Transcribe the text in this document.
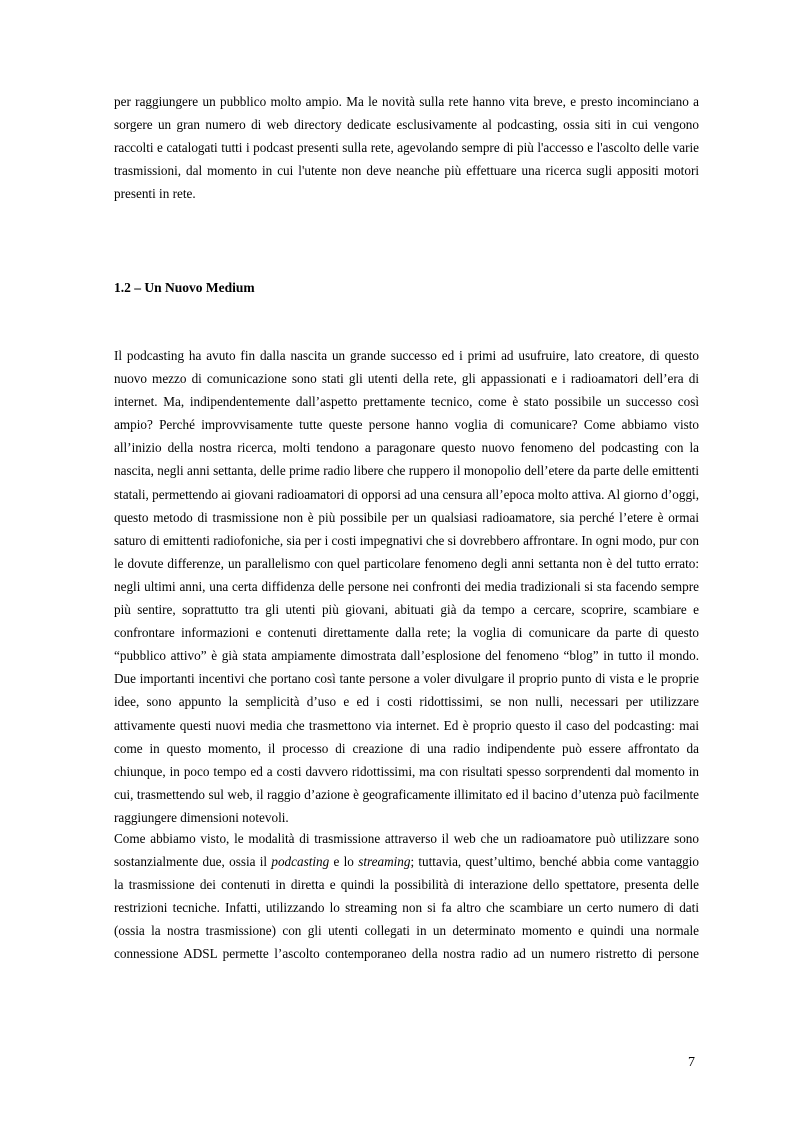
per raggiungere un pubblico molto ampio. Ma le novità sulla rete hanno vita breve, e presto incominciano a sorgere un gran numero di web directory dedicate esclusivamente al podcasting, ossia siti in cui vengono raccolti e catalogati tutti i podcast presenti sulla rete, agevolando sempre di più l'accesso e l'ascolto delle varie trasmissioni, dal momento in cui l'utente non deve neanche più effettuare una ricerca sugli appositi motori presenti in rete.

1.2 – Un Nuovo Medium

Il podcasting ha avuto fin dalla nascita un grande successo ed i primi ad usufruire, lato creatore, di questo nuovo mezzo di comunicazione sono stati gli utenti della rete, gli appassionati e i radioamatori dell’era di internet. Ma, indipendentemente dall’aspetto prettamente tecnico, come è stato possibile un successo così ampio? Perché improvvisamente tutte queste persone hanno voglia di comunicare? Come abbiamo visto all’inizio della nostra ricerca, molti tendono a paragonare questo nuovo fenomeno del podcasting con la nascita, negli anni settanta, delle prime radio libere che ruppero il monopolio dell’etere da parte delle emittenti statali, permettendo ai giovani radioamatori di opporsi ad una censura all’epoca molto attiva. Al giorno d’oggi, questo metodo di trasmissione non è più possibile per un qualsiasi radioamatore, sia perché l’etere è ormai saturo di emittenti radiofoniche, sia per i costi impegnativi che si dovrebbero affrontare. In ogni modo, pur con le dovute differenze, un parallelismo con quel particolare fenomeno degli anni settanta non è del tutto errato: negli ultimi anni, una certa diffidenza delle persone nei confronti dei media tradizionali si sta facendo sempre più sentire, soprattutto tra gli utenti più giovani, abituati già da tempo a cercare, scoprire, scambiare e confrontare informazioni e contenuti direttamente dalla rete; la voglia di comunicare da parte di questo “pubblico attivo” è già stata ampiamente dimostrata dall’esplosione del fenomeno “blog” in tutto il mondo. Due importanti incentivi che portano così tante persone a voler divulgare il proprio punto di vista e le proprie idee, sono appunto la semplicità d’uso e ed i costi ridottissimi, se non nulli, necessari per utilizzare attivamente questi nuovi media che trasmettono via internet. Ed è proprio questo il caso del podcasting: mai come in questo momento, il processo di creazione di una radio indipendente può essere affrontato da chiunque, in poco tempo ed a costi davvero ridottissimi, ma con risultati spesso sorprendenti dal momento in cui, trasmettendo sul web, il raggio d’azione è geograficamente illimitato ed il bacino d’utenza può facilmente raggiungere dimensioni notevoli.

Come abbiamo visto, le modalità di trasmissione attraverso il web che un radioamatore può utilizzare sono sostanzialmente due, ossia il podcasting e lo streaming; tuttavia, quest’ultimo, benché abbia come vantaggio la trasmissione dei contenuti in diretta e quindi la possibilità di interazione dello spettatore, presenta delle restrizioni tecniche. Infatti, utilizzando lo streaming non si fa altro che scambiare un certo numero di dati (ossia la nostra trasmissione) con gli utenti collegati in un determinato momento e quindi una normale connessione ADSL permette l’ascolto contemporaneo della nostra radio ad un numero ristretto di persone

7
